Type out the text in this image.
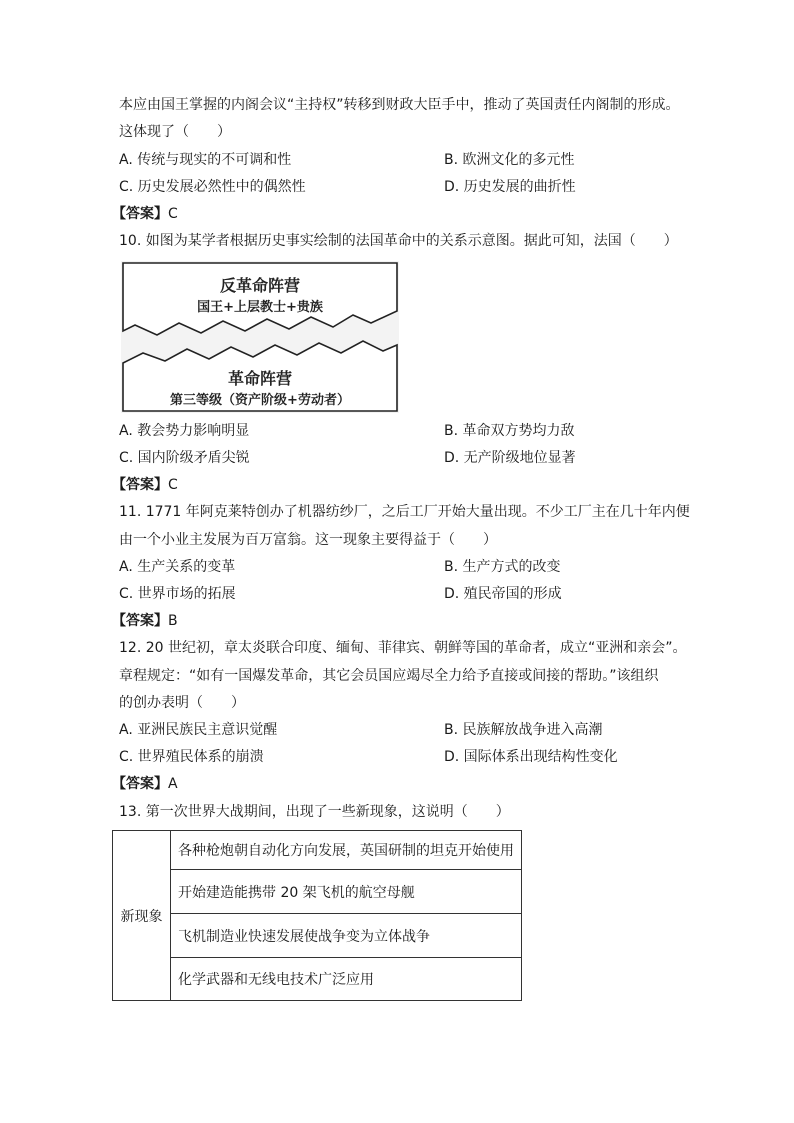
本应由国王掌握的内阁会议“主持权”转移到财政大臣手中，推动了英国责任内阁制的形成。
这体现了（　　）
A. 传统与现实的不可调和性	B. 欧洲文化的多元性
C. 历史发展必然性中的偶然性	D. 历史发展的曲折性
【答案】C
10. 如图为某学者根据历史事实绘制的法国革命中的关系示意图。据此可知，法国（　　）
反革命阵营
国王+上层教士+贵族
革命阵营
第三等级（资产阶级+劳动者）
A. 教会势力影响明显	B. 革命双方势均力敌
C. 国内阶级矛盾尖锐	D. 无产阶级地位显著
【答案】C
11. 1771 年阿克莱特创办了机器纺纱厂，之后工厂开始大量出现。不少工厂主在几十年内便
由一个小业主发展为百万富翁。这一现象主要得益于（　　）
A. 生产关系的变革	B. 生产方式的改变
C. 世界市场的拓展	D. 殖民帝国的形成
【答案】B
12. 20 世纪初，章太炎联合印度、缅甸、菲律宾、朝鲜等国的革命者，成立“亚洲和亲会”。
章程规定：“如有一国爆发革命，其它会员国应竭尽全力给予直接或间接的帮助。”该组织
的创办表明（　　）
A. 亚洲民族民主意识觉醒	B. 民族解放战争进入高潮
C. 世界殖民体系的崩溃	D. 国际体系出现结构性变化
【答案】A
13. 第一次世界大战期间，出现了一些新现象，这说明（　　）
新现象
各种枪炮朝自动化方向发展，英国研制的坦克开始使用
开始建造能携带 20 架飞机的航空母舰
飞机制造业快速发展使战争变为立体战争
化学武器和无线电技术广泛应用
